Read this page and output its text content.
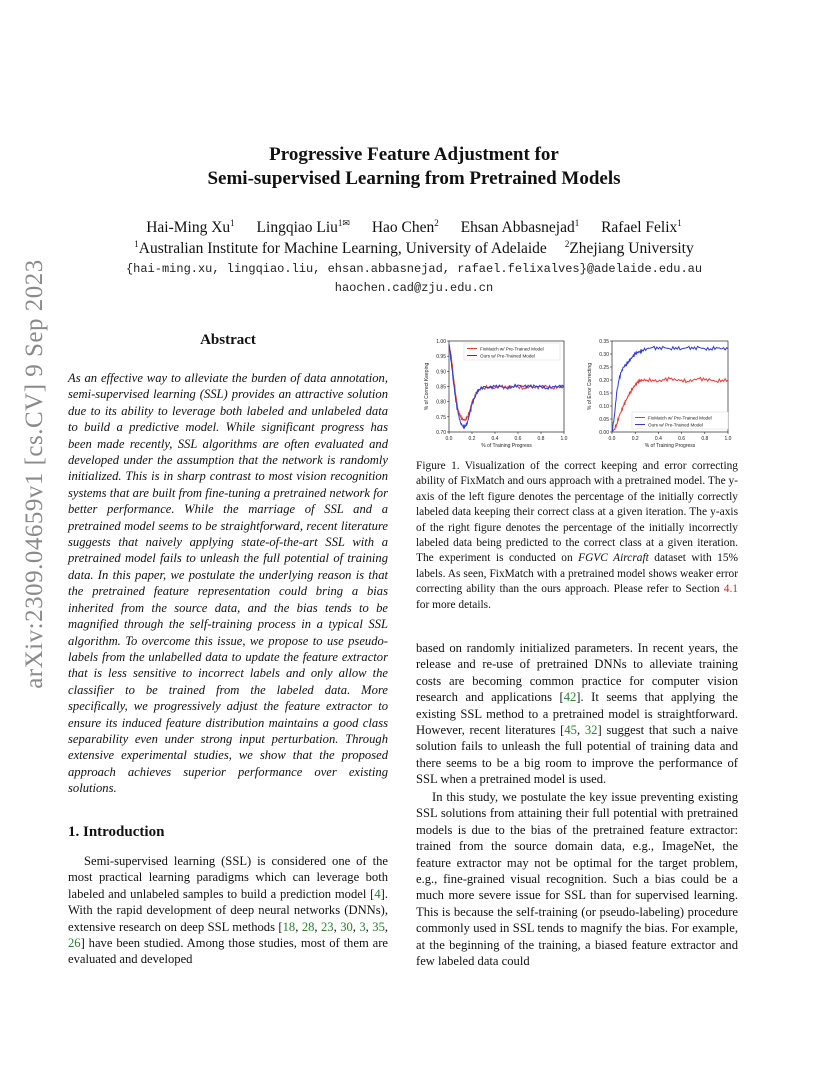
arXiv:2309.04659v1 [cs.CV] 9 Sep 2023
Progressive Feature Adjustment for
Semi-supervised Learning from Pretrained Models
Hai-Ming Xu$^1$ Lingqiao Liu$^{1✉}$ Hao Chen$^2$ Ehsan Abbasnejad$^1$ Rafael Felix$^1$
$^1$Australian Institute for Machine Learning, University of Adelaide $^2$Zhejiang University
{hai-ming.xu, lingqiao.liu, ehsan.abbasnejad, rafael.felixalves}@adelaide.edu.au
haochen.cad@zju.edu.cn
Abstract
As an effective way to alleviate the burden of data annotation, semi-supervised learning (SSL) provides an attractive solution due to its ability to leverage both labeled and unlabeled data to build a predictive model. While significant progress has been made recently, SSL algorithms are often evaluated and developed under the assumption that the network is randomly initialized. This is in sharp contrast to most vision recognition systems that are built from fine-tuning a pretrained network for better performance. While the marriage of SSL and a pretrained model seems to be straightforward, recent literature suggests that naively applying state-of-the-art SSL with a pretrained model fails to unleash the full potential of training data. In this paper, we postulate the underlying reason is that the pretrained feature representation could bring a bias inherited from the source data, and the bias tends to be magnified through the self-training process in a typical SSL algorithm. To overcome this issue, we propose to use pseudo-labels from the unlabelled data to update the feature extractor that is less sensitive to incorrect labels and only allow the classifier to be trained from the labeled data. More specifically, we progressively adjust the feature extractor to ensure its induced feature distribution maintains a good class separability even under strong input perturbation. Through extensive experimental studies, we show that the proposed approach achieves superior performance over existing solutions.
1. Introduction
Semi-supervised learning (SSL) is considered one of the most practical learning paradigms which can leverage both labeled and unlabeled samples to build a prediction model [4]. With the rapid development of deep neural networks (DNNs), extensive research on deep SSL methods [18, 28, 23, 30, 3, 35, 26] have been studied. Among those studies, most of them are evaluated and developed
1.00
0.95
0.90
0.85
0.80
0.75
0.70
0.0	0.2	0.4	0.6	0.8	1.0
% of Training Progress
% of Correct Keeping
FixMatch w/ Pre-Trained Model
Ours w/ Pre-Trained Model
0.35
0.30
0.25
0.20
0.15
0.10
0.05
0.00
0.0	0.2	0.4	0.6	0.8	1.0
% of Training Progress
% of Error Correcting
FixMatch w/ Pre-Trained Model
Ours w/ Pre-Trained Model
Figure 1. Visualization of the correct keeping and error correcting ability of FixMatch and ours approach with a pretrained model. The y-axis of the left figure denotes the percentage of the initially correctly labeled data keeping their correct class at a given iteration. The y-axis of the right figure denotes the percentage of the initially incorrectly labeled data being predicted to the correct class at a given iteration. The experiment is conducted on FGVC Aircraft dataset with 15% labels. As seen, FixMatch with a pretrained model shows weaker error correcting ability than the ours approach. Please refer to Section 4.1 for more details.
based on randomly initialized parameters. In recent years, the release and re-use of pretrained DNNs to alleviate training costs are becoming common practice for computer vision research and applications [42]. It seems that applying the existing SSL method to a pretrained model is straightforward. However, recent literatures [45, 32] suggest that such a naive solution fails to unleash the full potential of training data and there seems to be a big room to improve the performance of SSL when a pretrained model is used.
In this study, we postulate the key issue preventing existing SSL solutions from attaining their full potential with pretrained models is due to the bias of the pretrained feature extractor: trained from the source domain data, e.g., ImageNet, the feature extractor may not be optimal for the target problem, e.g., fine-grained visual recognition. Such a bias could be a much more severe issue for SSL than for supervised learning. This is because the self-training (or pseudo-labeling) procedure commonly used in SSL tends to magnify the bias. For example, at the beginning of the training, a biased feature extractor and few labeled data could
